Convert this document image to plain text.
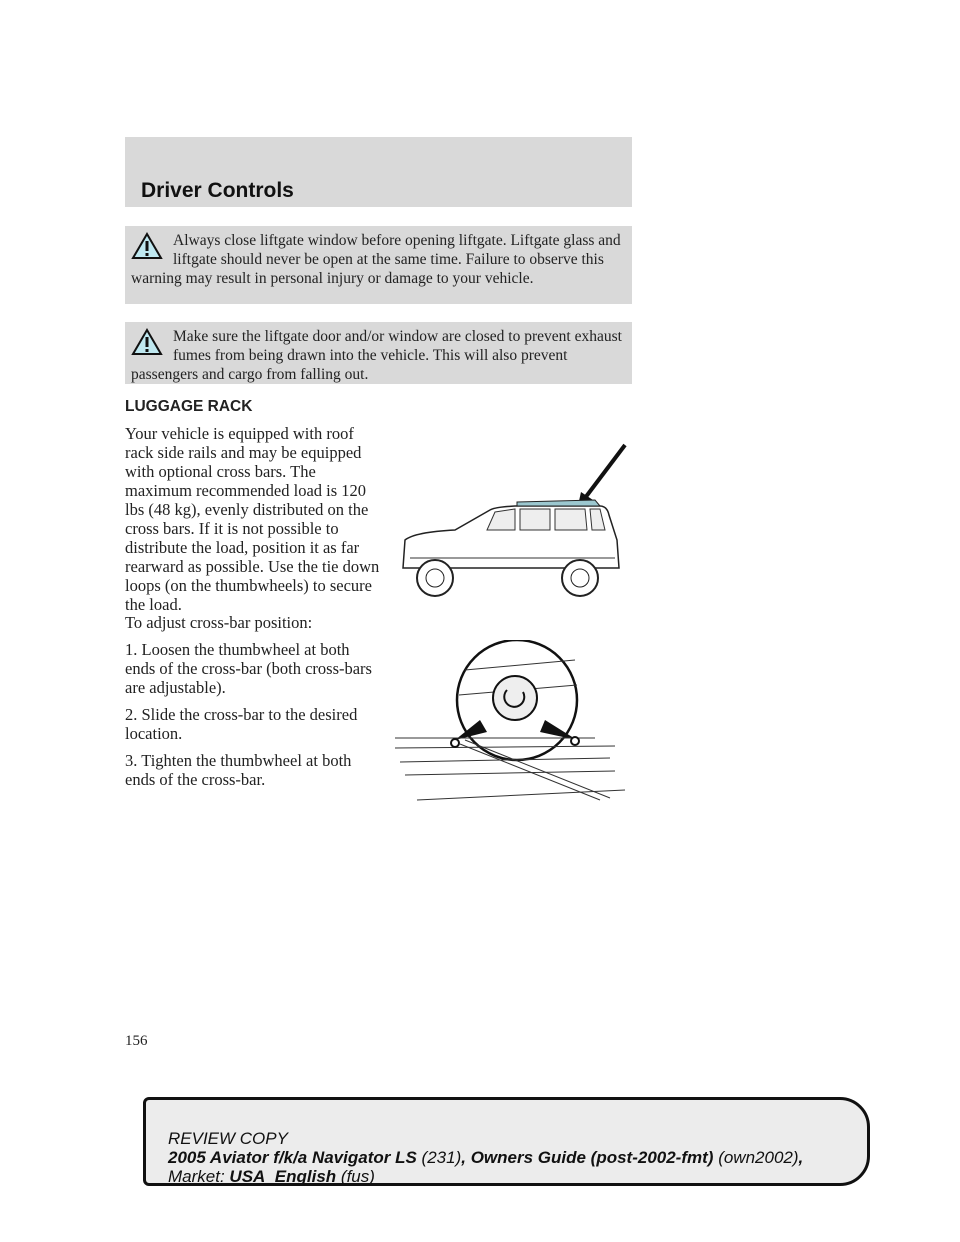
Driver Controls
Always close liftgate window before opening liftgate. Liftgate glass and liftgate should never be open at the same time. Failure to observe this warning may result in personal injury or damage to your vehicle.
Make sure the liftgate door and/or window are closed to prevent exhaust fumes from being drawn into the vehicle. This will also prevent passengers and cargo from falling out.
LUGGAGE RACK

Your vehicle is equipped with roof rack side rails and may be equipped with optional cross bars. The maximum recommended load is 120 lbs (48 kg), evenly distributed on the cross bars. If it is not possible to distribute the load, position it as far rearward as possible. Use the tie down loops (on the thumbwheels) to secure the load.

To adjust cross-bar position:

1. Loosen the thumbwheel at both ends of the cross-bar (both cross-bars are adjustable).

2. Slide the cross-bar to the desired location.

3. Tighten the thumbwheel at both ends of the cross-bar.

156
REVIEW COPY
2005 Aviator f/k/a Navigator LS (231), Owners Guide (post-2002-fmt) (own2002),
Market: USA_English (fus)
